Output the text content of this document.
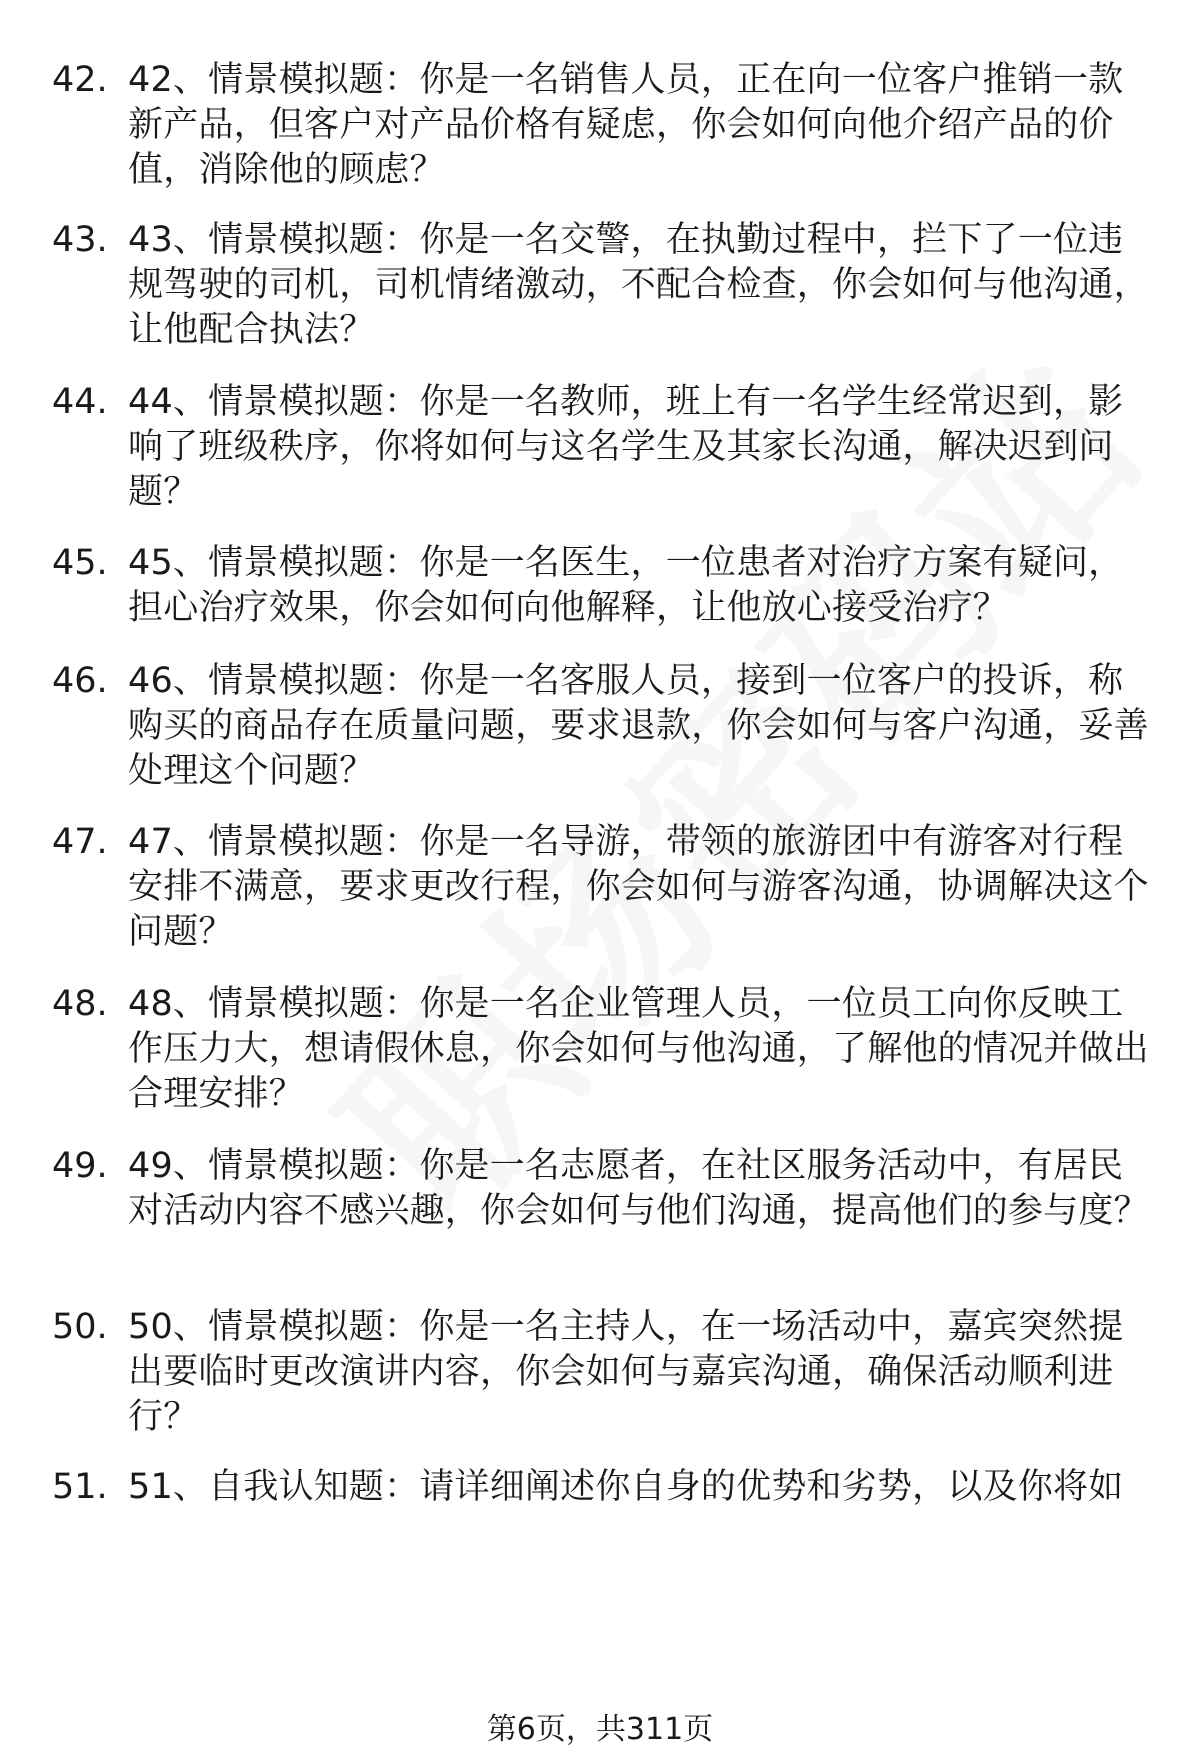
42. 42、情景模拟题：你是一名销售人员，正在向一位客户推销一款新产品，但客户对产品价格有疑虑，你会如何向他介绍产品的价值，消除他的顾虑？
43. 43、情景模拟题：你是一名交警，在执勤过程中，拦下了一位违规驾驶的司机，司机情绪激动，不配合检查，你会如何与他沟通，让他配合执法？
44. 44、情景模拟题：你是一名教师，班上有一名学生经常迟到，影响了班级秩序，你将如何与这名学生及其家长沟通，解决迟到问题？
45. 45、情景模拟题：你是一名医生，一位患者对治疗方案有疑问，担心治疗效果，你会如何向他解释，让他放心接受治疗？
46. 46、情景模拟题：你是一名客服人员，接到一位客户的投诉，称购买的商品存在质量问题，要求退款，你会如何与客户沟通，妥善处理这个问题？
47. 47、情景模拟题：你是一名导游，带领的旅游团中有游客对行程安排不满意，要求更改行程，你会如何与游客沟通，协调解决这个问题？
48. 48、情景模拟题：你是一名企业管理人员，一位员工向你反映工作压力大，想请假休息，你会如何与他沟通，了解他的情况并做出合理安排？
49. 49、情景模拟题：你是一名志愿者，在社区服务活动中，有居民对活动内容不感兴趣，你会如何与他们沟通，提高他们的参与度？
50. 50、情景模拟题：你是一名主持人，在一场活动中，嘉宾突然提出要临时更改演讲内容，你会如何与嘉宾沟通，确保活动顺利进行？
51. 51、自我认知题：请详细阐述你自身的优势和劣势，以及你将如
第6页，共311页
